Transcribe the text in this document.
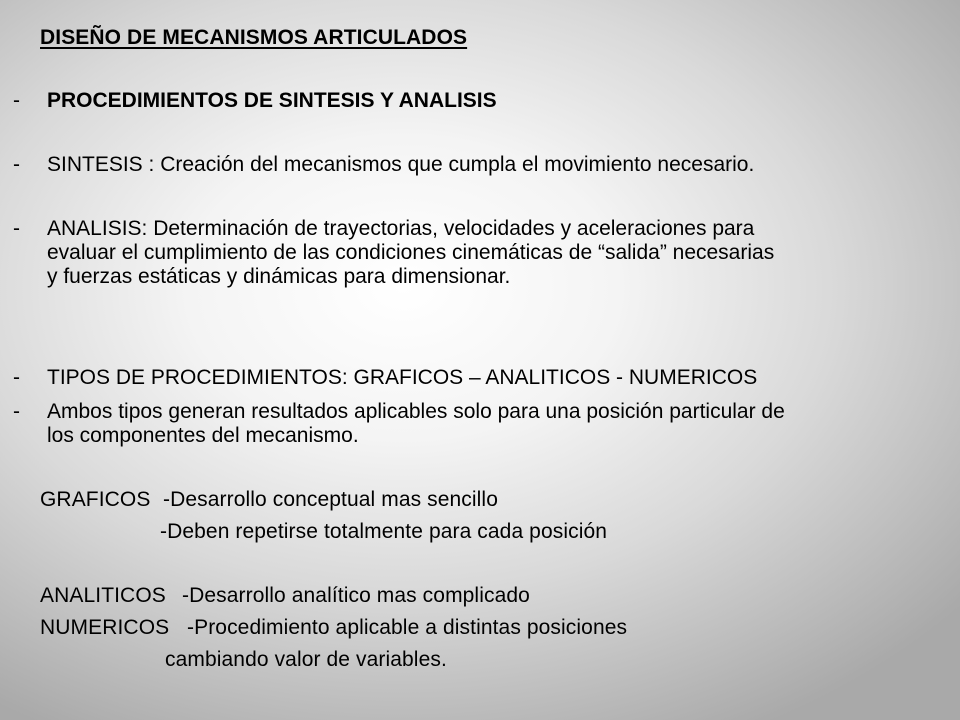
DISEÑO DE MECANISMOS ARTICULADOS
- PROCEDIMIENTOS DE SINTESIS Y ANALISIS
- SINTESIS : Creación del mecanismos que cumpla el movimiento necesario.
- ANALISIS: Determinación de trayectorias, velocidades y aceleraciones para
evaluar el cumplimiento de las condiciones cinemáticas de “salida” necesarias
y fuerzas estáticas y dinámicas para dimensionar.
- TIPOS DE PROCEDIMIENTOS: GRAFICOS – ANALITICOS - NUMERICOS
- Ambos tipos generan resultados aplicables solo para una posición particular de
los componentes del mecanismo.
GRAFICOS -Desarrollo conceptual mas sencillo
-Deben repetirse totalmente para cada posición
ANALITICOS -Desarrollo analítico mas complicado
NUMERICOS -Procedimiento aplicable a distintas posiciones
cambiando valor de variables.
